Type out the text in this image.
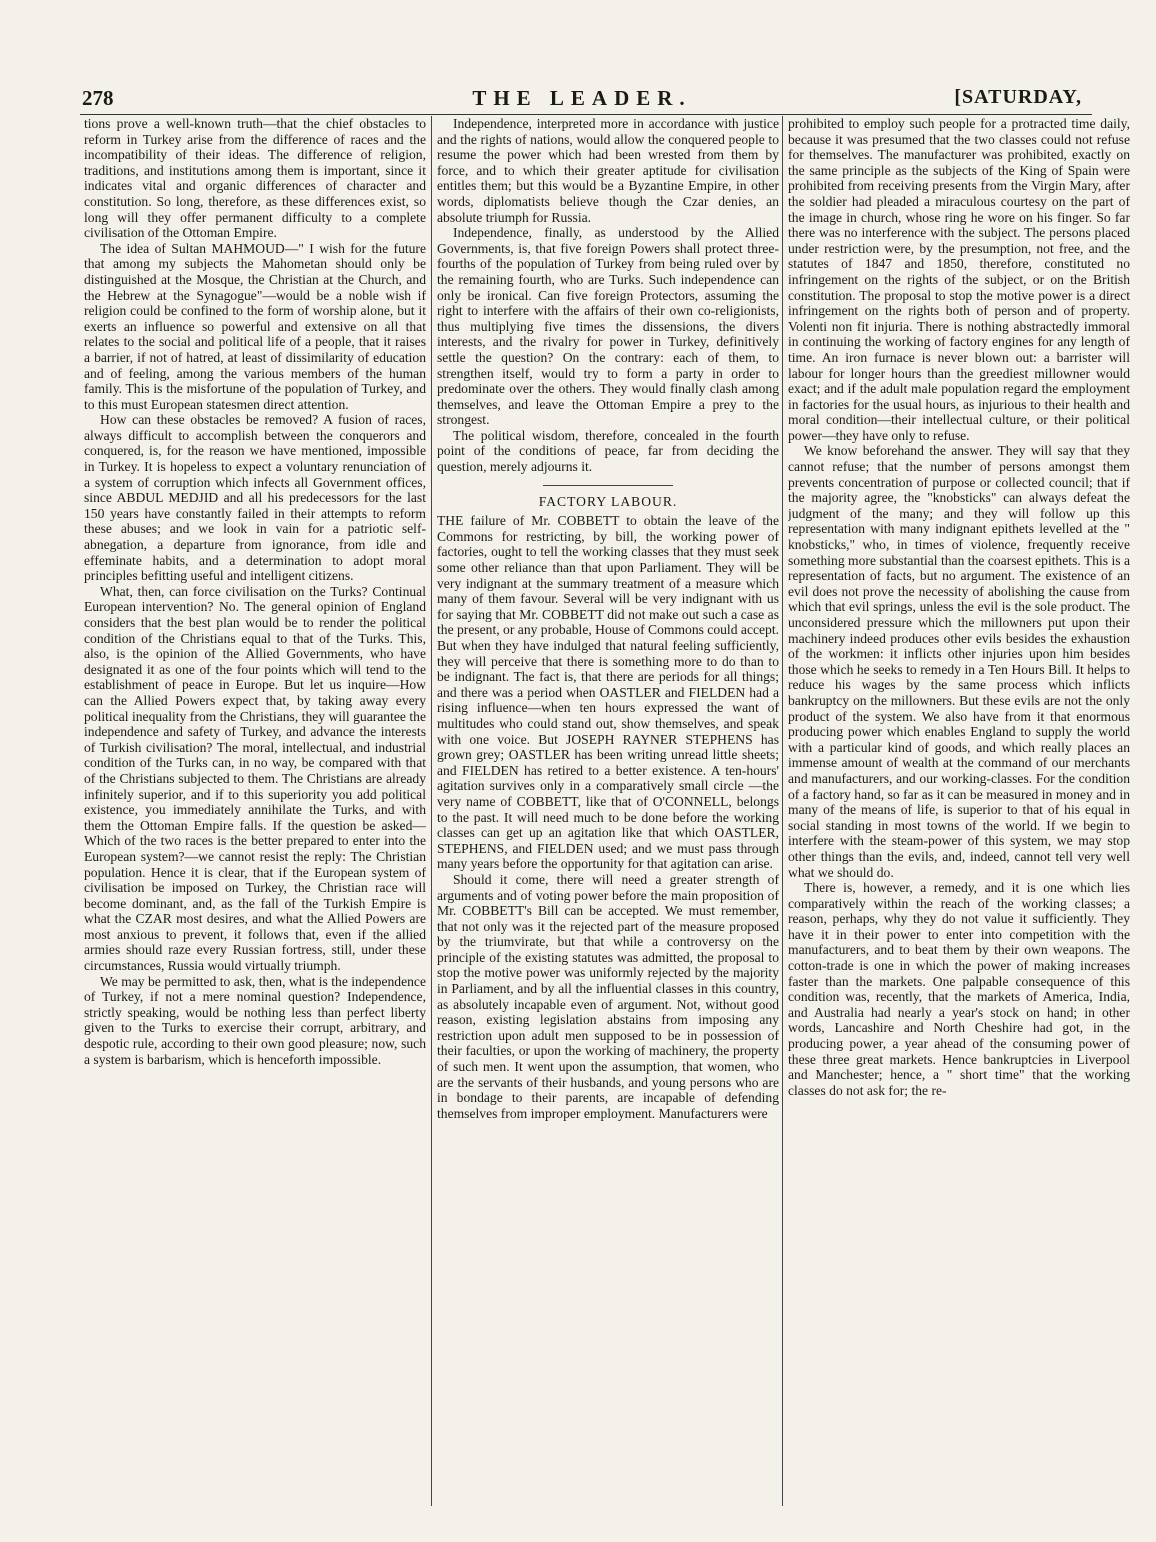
278	THE LEADER.	[SATURDAY,

tions prove a well-known truth—that the chief obstacles to reform in Turkey arise from the difference of races and the incompatibility of their ideas. The difference of religion, traditions, and institutions among them is important, since it indicates vital and organic differences of character and constitution. So long, therefore, as these differences exist, so long will they offer permanent difficulty to a complete civilisation of the Ottoman Empire.

The idea of Sultan MAHMOUD—" I wish for the future that among my subjects the Mahometan should only be distinguished at the Mosque, the Christian at the Church, and the Hebrew at the Synagogue"—would be a noble wish if religion could be confined to the form of worship alone, but it exerts an influence so powerful and extensive on all that relates to the social and political life of a people, that it raises a barrier, if not of hatred, at least of dissimilarity of education and of feeling, among the various members of the human family. This is the misfortune of the population of Turkey, and to this must European statesmen direct attention.

How can these obstacles be removed? A fusion of races, always difficult to accomplish between the conquerors and conquered, is, for the reason we have mentioned, impossible in Turkey. It is hopeless to expect a voluntary renunciation of a system of corruption which infects all Government offices, since ABDUL MEDJID and all his predecessors for the last 150 years have constantly failed in their attempts to reform these abuses; and we look in vain for a patriotic self-abnegation, a departure from ignorance, from idle and effeminate habits, and a determination to adopt moral principles befitting useful and intelligent citizens.

What, then, can force civilisation on the Turks? Continual European intervention? No. The general opinion of England considers that the best plan would be to render the political condition of the Christians equal to that of the Turks. This, also, is the opinion of the Allied Governments, who have designated it as one of the four points which will tend to the establishment of peace in Europe. But let us inquire—How can the Allied Powers expect that, by taking away every political inequality from the Christians, they will guarantee the independence and safety of Turkey, and advance the interests of Turkish civilisation? The moral, intellectual, and industrial condition of the Turks can, in no way, be compared with that of the Christians subjected to them. The Christians are already infinitely superior, and if to this superiority you add political existence, you immediately annihilate the Turks, and with them the Ottoman Empire falls. If the question be asked—Which of the two races is the better prepared to enter into the European system?—we cannot resist the reply: The Christian population. Hence it is clear, that if the European system of civilisation be imposed on Turkey, the Christian race will become dominant, and, as the fall of the Turkish Empire is what the CZAR most desires, and what the Allied Powers are most anxious to prevent, it follows that, even if the allied armies should raze every Russian fortress, still, under these circumstances, Russia would virtually triumph.

We may be permitted to ask, then, what is the independence of Turkey, if not a mere nominal question? Independence, strictly speaking, would be nothing less than perfect liberty given to the Turks to exercise their corrupt, arbitrary, and despotic rule, according to their own good pleasure; now, such a system is barbarism, which is henceforth impossible.

Independence, interpreted more in accordance with justice and the rights of nations, would allow the conquered people to resume the power which had been wrested from them by force, and to which their greater aptitude for civilisation entitles them; but this would be a Byzantine Empire, in other words, diplomatists believe though the Czar denies, an absolute triumph for Russia.

Independence, finally, as understood by the Allied Governments, is, that five foreign Powers shall protect three-fourths of the population of Turkey from being ruled over by the remaining fourth, who are Turks. Such independence can only be ironical. Can five foreign Protectors, assuming the right to interfere with the affairs of their own co-religionists, thus multiplying five times the dissensions, the divers interests, and the rivalry for power in Turkey, definitively settle the question? On the contrary: each of them, to strengthen itself, would try to form a party in order to predominate over the others. They would finally clash among themselves, and leave the Ottoman Empire a prey to the strongest.

The political wisdom, therefore, concealed in the fourth point of the conditions of peace, far from deciding the question, merely adjourns it.

FACTORY LABOUR.

THE failure of Mr. COBBETT to obtain the leave of the Commons for restricting, by bill, the working power of factories, ought to tell the working classes that they must seek some other reliance than that upon Parliament. They will be very indignant at the summary treatment of a measure which many of them favour. Several will be very indignant with us for saying that Mr. COBBETT did not make out such a case as the present, or any probable, House of Commons could accept. But when they have indulged that natural feeling sufficiently, they will perceive that there is something more to do than to be indignant. The fact is, that there are periods for all things; and there was a period when OASTLER and FIELDEN had a rising influence—when ten hours expressed the want of multitudes who could stand out, show themselves, and speak with one voice. But JOSEPH RAYNER STEPHENS has grown grey; OASTLER has been writing unread little sheets; and FIELDEN has retired to a better existence. A ten-hours' agitation survives only in a comparatively small circle —the very name of COBBETT, like that of O'CONNELL, belongs to the past. It will need much to be done before the working classes can get up an agitation like that which OASTLER, STEPHENS, and FIELDEN used; and we must pass through many years before the opportunity for that agitation can arise.

Should it come, there will need a greater strength of arguments and of voting power before the main proposition of Mr. COBBETT's Bill can be accepted. We must remember, that not only was it the rejected part of the measure proposed by the triumvirate, but that while a controversy on the principle of the existing statutes was admitted, the proposal to stop the motive power was uniformly rejected by the majority in Parliament, and by all the influential classes in this country, as absolutely incapable even of argument. Not, without good reason, existing legislation abstains from imposing any restriction upon adult men supposed to be in possession of their faculties, or upon the working of machinery, the property of such men. It went upon the assumption, that women, who are the servants of their husbands, and young persons who are in bondage to their parents, are incapable of defending themselves from improper employment. Manufacturers were

prohibited to employ such people for a protracted time daily, because it was presumed that the two classes could not refuse for themselves. The manufacturer was prohibited, exactly on the same principle as the subjects of the King of Spain were prohibited from receiving presents from the Virgin Mary, after the soldier had pleaded a miraculous courtesy on the part of the image in church, whose ring he wore on his finger. So far there was no interference with the subject. The persons placed under restriction were, by the presumption, not free, and the statutes of 1847 and 1850, therefore, constituted no infringement on the rights of the subject, or on the British constitution. The proposal to stop the motive power is a direct infringement on the rights both of person and of property. Volenti non fit injuria. There is nothing abstractedly immoral in continuing the working of factory engines for any length of time. An iron furnace is never blown out: a barrister will labour for longer hours than the greediest millowner would exact; and if the adult male population regard the employment in factories for the usual hours, as injurious to their health and moral condition—their intellectual culture, or their political power—they have only to refuse.

We know beforehand the answer. They will say that they cannot refuse; that the number of persons amongst them prevents concentration of purpose or collected council; that if the majority agree, the "knobsticks" can always defeat the judgment of the many; and they will follow up this representation with many indignant epithets levelled at the " knobsticks," who, in times of violence, frequently receive something more substantial than the coarsest epithets. This is a representation of facts, but no argument. The existence of an evil does not prove the necessity of abolishing the cause from which that evil springs, unless the evil is the sole product. The unconsidered pressure which the millowners put upon their machinery indeed produces other evils besides the exhaustion of the workmen: it inflicts other injuries upon him besides those which he seeks to remedy in a Ten Hours Bill. It helps to reduce his wages by the same process which inflicts bankruptcy on the millowners. But these evils are not the only product of the system. We also have from it that enormous producing power which enables England to supply the world with a particular kind of goods, and which really places an immense amount of wealth at the command of our merchants and manufacturers, and our working-classes. For the condition of a factory hand, so far as it can be measured in money and in many of the means of life, is superior to that of his equal in social standing in most towns of the world. If we begin to interfere with the steam-power of this system, we may stop other things than the evils, and, indeed, cannot tell very well what we should do.

There is, however, a remedy, and it is one which lies comparatively within the reach of the working classes; a reason, perhaps, why they do not value it sufficiently. They have it in their power to enter into competition with the manufacturers, and to beat them by their own weapons. The cotton-trade is one in which the power of making increases faster than the markets. One palpable consequence of this condition was, recently, that the markets of America, India, and Australia had nearly a year's stock on hand; in other words, Lancashire and North Cheshire had got, in the producing power, a year ahead of the consuming power of these three great markets. Hence bankruptcies in Liverpool and Manchester; hence, a " short time" that the working classes do not ask for; the re-
